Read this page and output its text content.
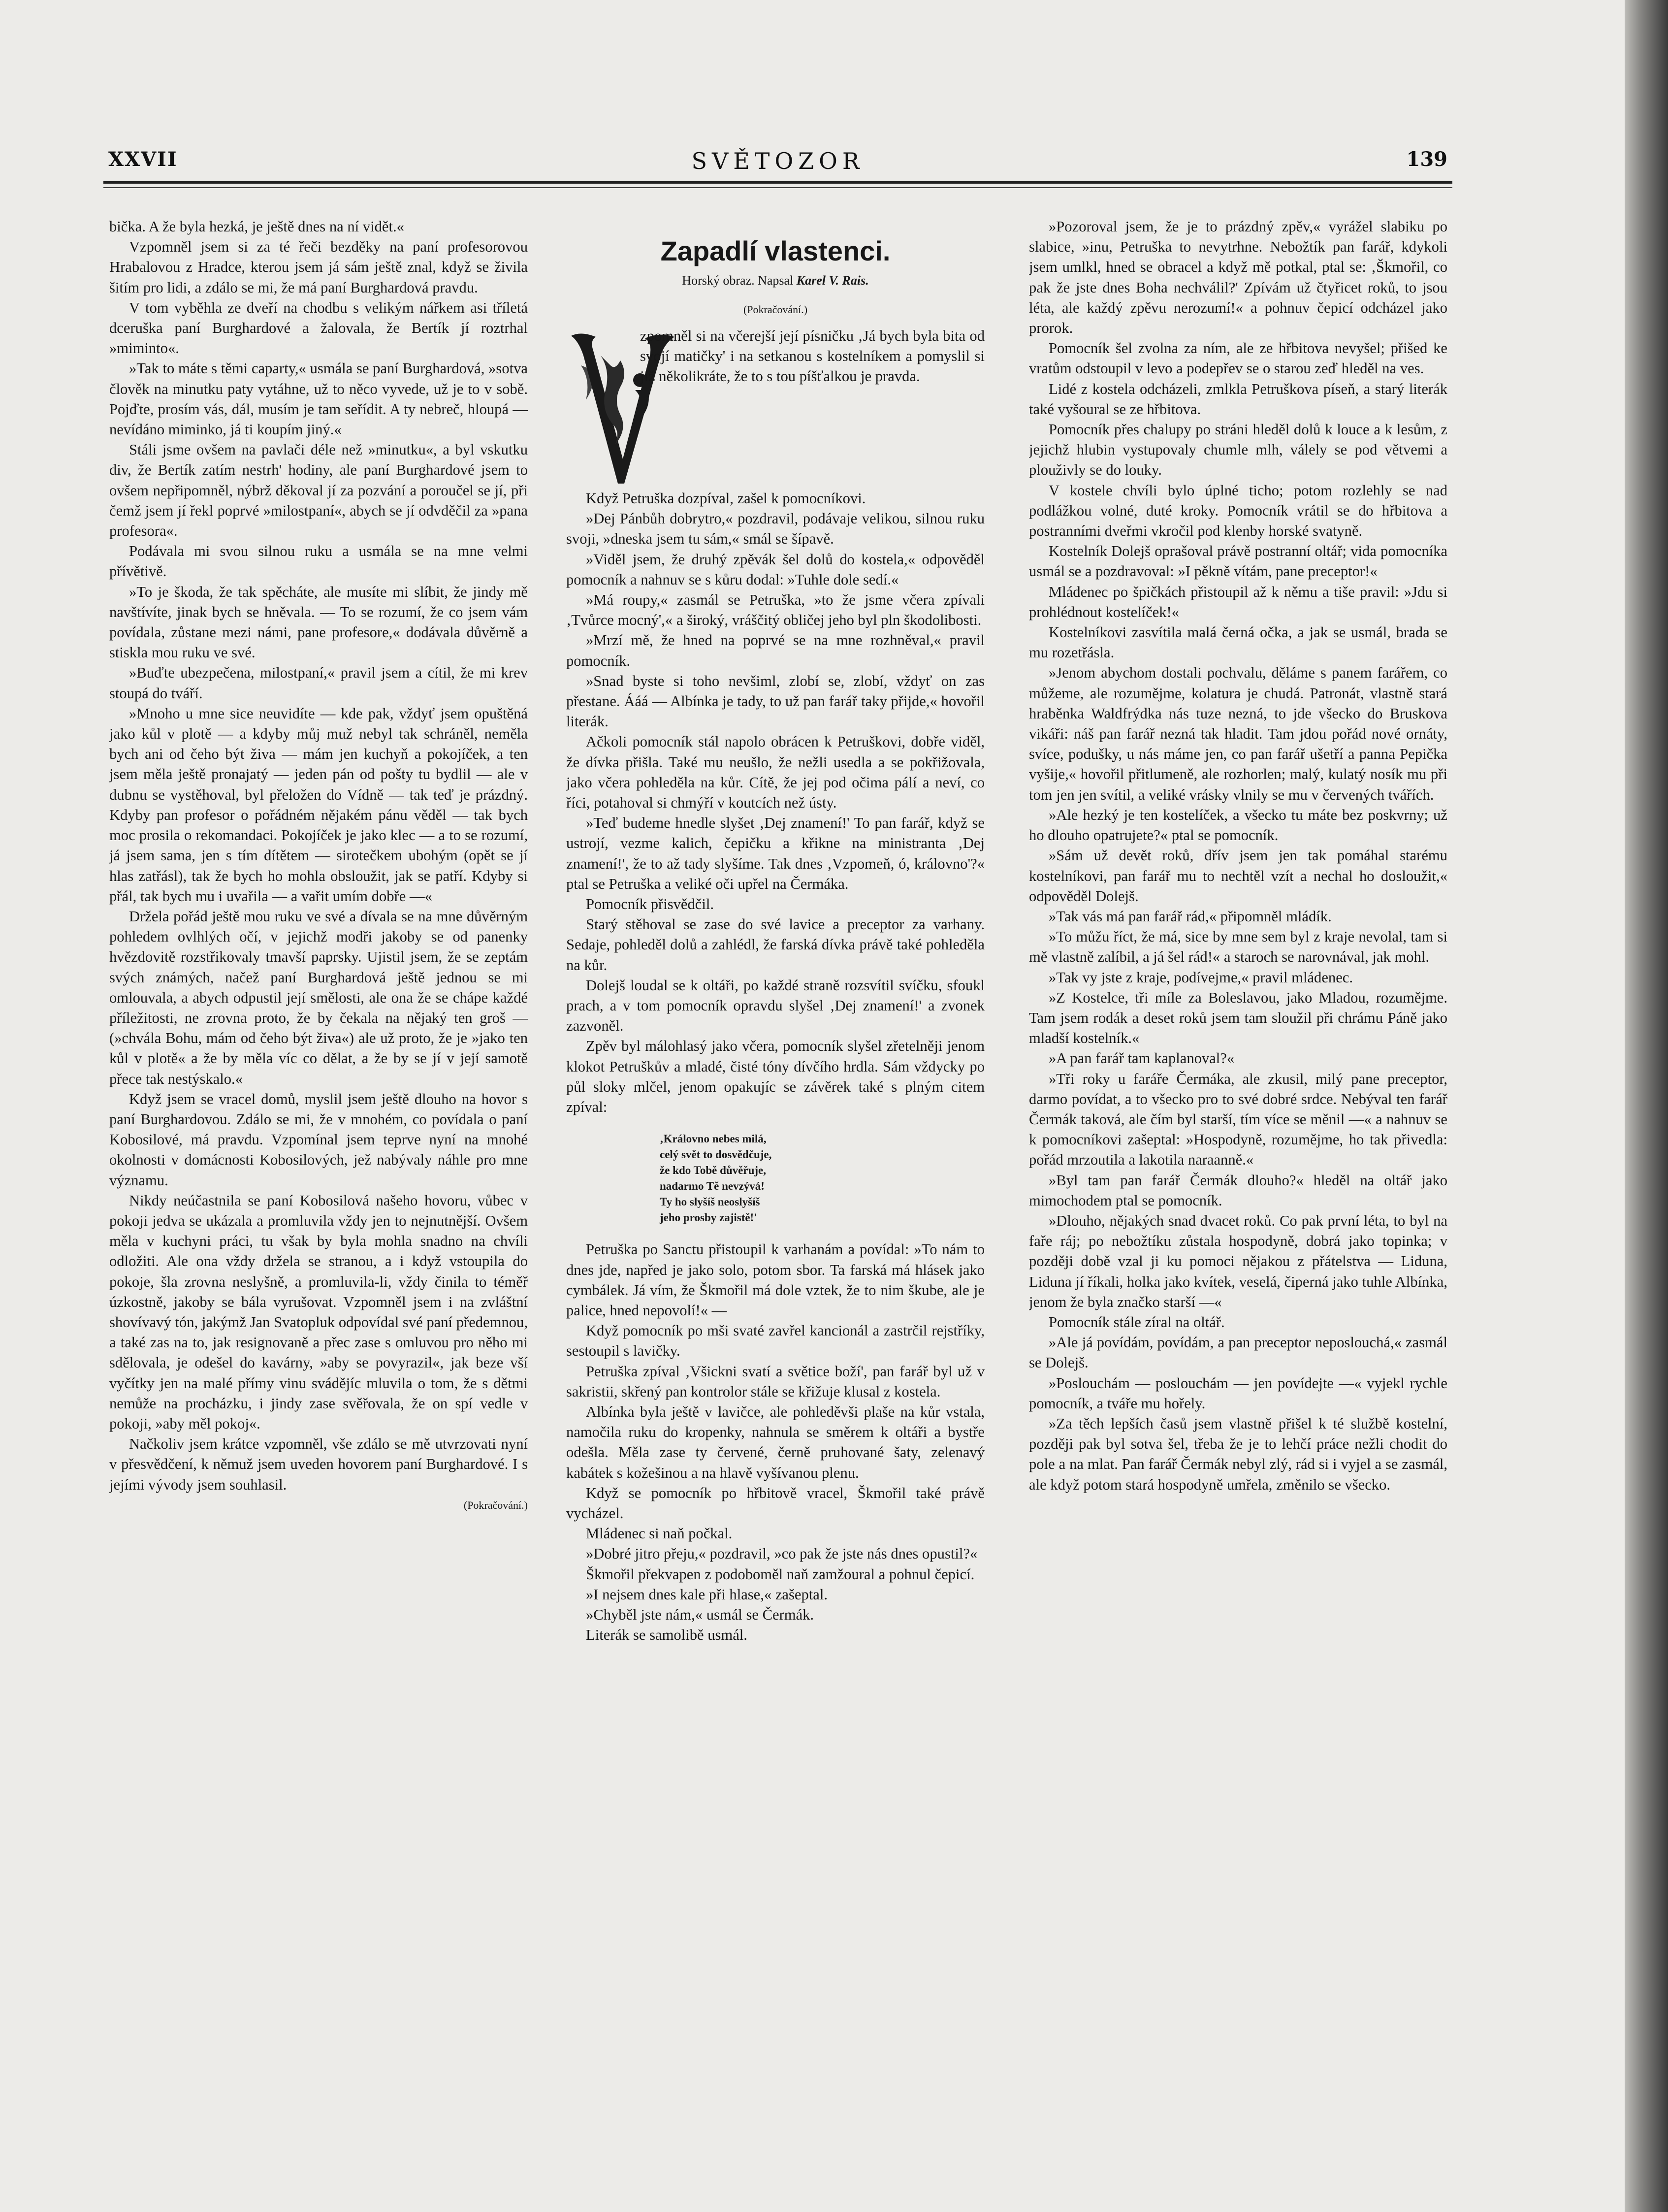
XXVII	SVĚTOZOR	139

bička. A že byla hezká, je ještě dnes na ní vidět.«

Vzpomněl jsem si za té řeči bezděky na paní profesorovou Hrabalovou z Hradce, kterou jsem já sám ještě znal, když se živila šitím pro lidi, a zdálo se mi, že má paní Burghardová pravdu.

V tom vyběhla ze dveří na chodbu s velikým nářkem asi tříletá dceruška paní Burghardové a žalovala, že Bertík jí roztrhal »miminto«.

»Tak to máte s těmi caparty,« usmála se paní Burghardová, »sotva člověk na minutku paty vytáhne, už to něco vyvede, už je to v sobě. Pojďte, prosím vás, dál, musím je tam seřídit. A ty nebreč, hloupá — nevídáno miminko, já ti koupím jiný.«

Stáli jsme ovšem na pavlači déle než »minutku«, a byl vskutku div, že Bertík zatím nestrh' hodiny, ale paní Burghardové jsem to ovšem nepřipomněl, nýbrž děkoval jí za pozvání a poroučel se jí, při čemž jsem jí řekl poprvé »milostpaní«, abych se jí odvděčil za »pana profesora«.

Podávala mi svou silnou ruku a usmála se na mne velmi přívětivě.

»To je škoda, že tak spěcháte, ale musíte mi slíbit, že jindy mě navštívíte, jinak bych se hněvala. — To se rozumí, že co jsem vám povídala, zůstane mezi námi, pane profesore,« dodávala důvěrně a stiskla mou ruku ve své.

»Buďte ubezpečena, milostpaní,« pravil jsem a cítil, že mi krev stoupá do tváří.

»Mnoho u mne sice neuvidíte — kde pak, vždyť jsem opuštěná jako kůl v plotě — a kdyby můj muž nebyl tak schráněl, neměla bych ani od čeho být živa — mám jen kuchyň a pokojíček, a ten jsem měla ještě pronajatý — jeden pán od pošty tu bydlil — ale v dubnu se vystěhoval, byl přeložen do Vídně — tak teď je prázdný. Kdyby pan profesor o pořádném nějakém pánu věděl — tak bych moc prosila o rekomandaci. Pokojíček je jako klec — a to se rozumí, já jsem sama, jen s tím dítětem — sirotečkem ubohým (opět se jí hlas zatřásl), tak že bych ho mohla obsloužit, jak se patří. Kdyby si přál, tak bych mu i uvařila — a vařit umím dobře —«

Držela pořád ještě mou ruku ve své a dívala se na mne důvěrným pohledem ovlhlých očí, v jejichž modři jakoby se od panenky hvězdovitě rozstřikovaly tmavší paprsky. Ujistil jsem, že se zeptám svých známých, načež paní Burghardová ještě jednou se mi omlouvala, a abych odpustil její smělosti, ale ona že se chápe každé příležitosti, ne zrovna proto, že by čekala na nějaký ten groš — (»chvála Bohu, mám od čeho být živa«) ale už proto, že je »jako ten kůl v plotě« a že by měla víc co dělat, a že by se jí v její samotě přece tak nestýskalo.«

Když jsem se vracel domů, myslil jsem ještě dlouho na hovor s paní Burghardovou. Zdálo se mi, že v mnohém, co povídala o paní Kobosilové, má pravdu. Vzpomínal jsem teprve nyní na mnohé okolnosti v domácnosti Kobosilových, jež nabývaly náhle pro mne významu.

Nikdy neúčastnila se paní Kobosilová našeho hovoru, vůbec v pokoji jedva se ukázala a promluvila vždy jen to nejnutnější. Ovšem měla v kuchyni práci, tu však by byla mohla snadno na chvíli odložiti. Ale ona vždy držela se stranou, a i když vstoupila do pokoje, šla zrovna neslyšně, a promluvila-li, vždy činila to téměř úzkostně, jakoby se bála vyrušovat. Vzpomněl jsem i na zvláštní shovívavý tón, jakýmž Jan Svatopluk odpovídal své paní předemnou, a také zas na to, jak resignovaně a přec zase s omluvou pro něho mi sdělovala, je odešel do kavárny, »aby se povyrazil«, jak beze vší vyčítky jen na malé přímy vinu svádějíc mluvila o tom, že s dětmi nemůže na procházku, i jindy zase svěřovala, že on spí vedle v pokoji, »aby měl pokoj«.

Načkoliv jsem krátce vzpomněl, vše zdálo se mě utvrzovati nyní v přesvědčení, k němuž jsem uveden hovorem paní Burghardové. I s jejími vývody jsem souhlasil.

(Pokračování.)

Zapadlí vlastenci.
Horský obraz. Napsal Karel V. Rais.
(Pokračování.)
V
zpomněl si na včerejší její písničku ‚Já bych byla bita od svojí matičky' i na setkanou s kostelníkem a pomyslil si již několikráte, že to s tou píšťalkou je pravda.

Když Petruška dozpíval, zašel k pomocníkovi.

»Dej Pánbůh dobrytro,« pozdravil, podávaje velikou, silnou ruku svoji, »dneska jsem tu sám,« smál se šípavě.

»Viděl jsem, že druhý zpěvák šel dolů do kostela,« odpověděl pomocník a nahnuv se s kůru dodal: »Tuhle dole sedí.«

»Má roupy,« zasmál se Petruška, »to že jsme včera zpívali ‚Tvůrce mocný',« a široký, vráščitý obličej jeho byl pln škodolibosti.

»Mrzí mě, že hned na poprvé se na mne rozhněval,« pravil pomocník.

»Snad byste si toho nevšiml, zlobí se, zlobí, vždyť on zas přestane. Ááá — Albínka je tady, to už pan farář taky přijde,« hovořil literák.

Ačkoli pomocník stál napolo obrácen k Petruškovi, dobře viděl, že dívka přišla. Také mu neušlo, že nežli usedla a se pokřižovala, jako včera pohleděla na kůr. Cítě, že jej pod očima pálí a neví, co říci, potahoval si chmýří v koutcích než ústy.

»Teď budeme hnedle slyšet ‚Dej znamení!' To pan farář, když se ustrojí, vezme kalich, čepičku a křikne na ministranta ‚Dej znamení!', že to až tady slyšíme. Tak dnes ‚Vzpomeň, ó, královno'?« ptal se Petruška a veliké oči upřel na Čermáka.

Pomocník přisvědčil.

Starý stěhoval se zase do své lavice a preceptor za varhany. Sedaje, pohleděl dolů a zahlédl, že farská dívka právě také pohleděla na kůr.

Dolejš loudal se k oltáři, po každé straně rozsvítil svíčku, sfoukl prach, a v tom pomocník opravdu slyšel ‚Dej znamení!' a zvonek zazvoněl.

Zpěv byl málohlasý jako včera, pomocník slyšel zřetelněji jenom klokot Petruškův a mladé, čisté tóny dívčího hrdla. Sám vždycky po půl sloky mlčel, jenom opakujíc se závěrek také s plným citem zpíval:

‚Královno nebes milá,
celý svět to dosvědčuje,
že kdo Tobě důvěřuje,
nadarmo Tě nevzývá!
Ty ho slyšíš neoslyšíš
jeho prosby zajistě!'

Petruška po Sanctu přistoupil k varhanám a povídal: »To nám to dnes jde, napřed je jako solo, potom sbor. Ta farská má hlásek jako cymbálek. Já vím, že Škmořil má dole vztek, že to nim škube, ale je palice, hned nepovolí!« —

Když pomocník po mši svaté zavřel kancionál a zastrčil rejstříky, sestoupil s lavičky.

Petruška zpíval ‚Všickni svatí a světice boží', pan farář byl už v sakristii, skřený pan kontrolor stále se křižuje klusal z kostela.

Albínka byla ještě v lavičce, ale pohleděvši plaše na kůr vstala, namočila ruku do kropenky, nahnula se směrem k oltáři a bystře odešla. Měla zase ty červené, černě pruhované šaty, zelenavý kabátek s kožešinou a na hlavě vyšívanou plenu.

Když se pomocník po hřbitově vracel, Škmořil také právě vycházel.

Mládenec si naň počkal.

»Dobré jitro přeju,« pozdravil, »co pak že jste nás dnes opustil?«

Škmořil překvapen z podoboměl naň zamžoural a pohnul čepicí.

»I nejsem dnes kale při hlase,« zašeptal.

»Chyběl jste nám,« usmál se Čermák.

Literák se samolibě usmál.

»Pozoroval jsem, že je to prázdný zpěv,« vyrážel slabiku po slabice, »inu, Petruška to nevytrhne. Nebožtík pan farář, kdykoli jsem umlkl, hned se obracel a když mě potkal, ptal se: ‚Škmořil, co pak že jste dnes Boha nechválil?' Zpívám už čtyřicet roků, to jsou léta, ale každý zpěvu nerozumí!« a pohnuv čepicí odcházel jako prorok.

Pomocník šel zvolna za ním, ale ze hřbitova nevyšel; přišed ke vratům odstoupil v levo a podepřev se o starou zeď hleděl na ves.

Lidé z kostela odcházeli, zmlkla Petruškova píseň, a starý literák také vyšoural se ze hřbitova.

Pomocník přes chalupy po stráni hleděl dolů k louce a k lesům, z jejichž hlubin vystupovaly chumle mlh, válely se pod větvemi a plouživly se do louky.

V kostele chvíli bylo úplné ticho; potom rozlehly se nad podlážkou volné, duté kroky. Pomocník vrátil se do hřbitova a postranními dveřmi vkročil pod klenby horské svatyně.

Kostelník Dolejš oprašoval právě postranní oltář; vida pomocníka usmál se a pozdravoval: »I pěkně vítám, pane preceptor!«

Mládenec po špičkách přistoupil až k němu a tiše pravil: »Jdu si prohlédnout kostelíček!«

Kostelníkovi zasvítila malá černá očka, a jak se usmál, brada se mu rozetřásla.

»Jenom abychom dostali pochvalu, děláme s panem farářem, co můžeme, ale rozumějme, kolatura je chudá. Patronát, vlastně stará hraběnka Waldfrýdka nás tuze nezná, to jde všecko do Bruskova vikáři: náš pan farář nezná tak hladit. Tam jdou pořád nové ornáty, svíce, podušky, u nás máme jen, co pan farář ušetří a panna Pepička vyšije,« hovořil přitlumeně, ale rozhorlen; malý, kulatý nosík mu při tom jen jen svítil, a veliké vrásky vlnily se mu v červených tvářích.

»Ale hezký je ten kostelíček, a všecko tu máte bez poskvrny; už ho dlouho opatrujete?« ptal se pomocník.

»Sám už devět roků, dřív jsem jen tak pomáhal starému kostelníkovi, pan farář mu to nechtěl vzít a nechal ho dosloužit,« odpověděl Dolejš.

»Tak vás má pan farář rád,« připomněl mládík.

»To můžu říct, že má, sice by mne sem byl z kraje nevolal, tam si mě vlastně zalíbil, a já šel rád!« a staroch se narovnával, jak mohl.

»Tak vy jste z kraje, podívejme,« pravil mládenec.

»Z Kostelce, tři míle za Boleslavou, jako Mladou, rozumějme. Tam jsem rodák a deset roků jsem tam sloužil při chrámu Páně jako mladší kostelník.«

»A pan farář tam kaplanoval?«

»Tři roky u faráře Čermáka, ale zkusil, milý pane preceptor, darmo povídat, a to všecko pro to své dobré srdce. Nebýval ten farář Čermák taková, ale čím byl starší, tím více se měnil —« a nahnuv se k pomocníkovi zašeptal: »Hospodyně, rozumějme, ho tak přivedla: pořád mrzoutila a lakotila naraanně.«

»Byl tam pan farář Čermák dlouho?« hleděl na oltář jako mimochodem ptal se pomocník.

»Dlouho, nějakých snad dvacet roků. Co pak první léta, to byl na faře ráj; po nebožtíku zůstala hospodyně, dobrá jako topinka; v později době vzal ji ku pomoci nějakou z přátelstva — Liduna, Liduna jí říkali, holka jako kvítek, veselá, čiperná jako tuhle Albínka, jenom že byla značko starší —«

Pomocník stále zíral na oltář.

»Ale já povídám, povídám, a pan preceptor neposlouchá,« zasmál se Dolejš.

»Poslouchám — poslouchám — jen povídejte —« vyjekl rychle pomocník, a tváře mu hořely.

»Za těch lepších časů jsem vlastně přišel k té službě kostelní, později pak byl sotva šel, třeba že je to lehčí práce nežli chodit do pole a na mlat. Pan farář Čermák nebyl zlý, rád si i vyjel a se zasmál, ale když potom stará hospodyně umřela, změnilo se všecko.
